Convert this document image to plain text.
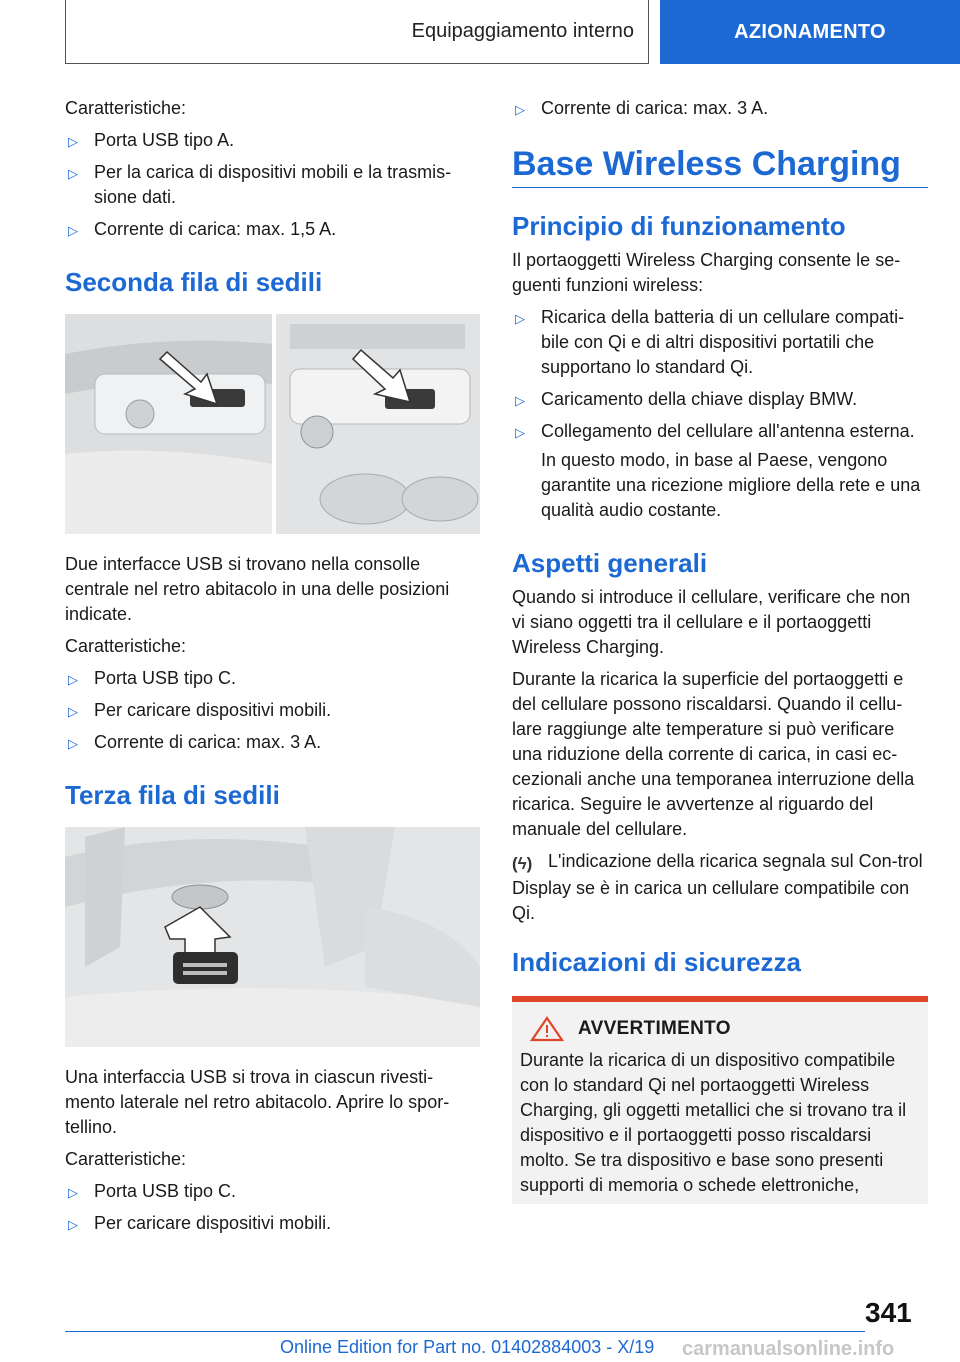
Equipaggiamento interno	AZIONAMENTO

Caratteristiche:

▷ Porta USB tipo A.
▷ Per la carica di dispositivi mobili e la trasmis-sione dati.
▷ Corrente di carica: max. 1,5 A.
Seconda fila di sedili

Due interfacce USB si trovano nella consolle centrale nel retro abitacolo in una delle posizioni indicate.

Caratteristiche:

▷ Porta USB tipo C.
▷ Per caricare dispositivi mobili.
▷ Corrente di carica: max. 3 A.
Terza fila di sedili

Una interfaccia USB si trova in ciascun rivesti-mento laterale nel retro abitacolo. Aprire lo spor-tellino.

Caratteristiche:

▷ Porta USB tipo C.
▷ Per caricare dispositivi mobili.
▷ Corrente di carica: max. 3 A.
Base Wireless Charging
Principio di funzionamento

Il portaoggetti Wireless Charging consente le se-guenti funzioni wireless:

▷ Ricarica della batteria di un cellulare compati-bile con Qi e di altri dispositivi portatili che supportano lo standard Qi.
▷ Caricamento della chiave display BMW.
▷ Collegamento del cellulare all'antenna esterna.

In questo modo, in base al Paese, vengono garantite una ricezione migliore della rete e una qualità audio costante.

Aspetti generali

Quando si introduce il cellulare, verificare che non vi siano oggetti tra il cellulare e il portaoggetti Wireless Charging.

Durante la ricarica la superficie del portaoggetti e del cellulare possono riscaldarsi. Quando il cellu-lare raggiunge alte temperature si può verificare una riduzione della corrente di carica, in casi ec-cezionali anche una temporanea interruzione della ricarica. Seguire le avvertenze al riguardo del manuale del cellulare.

(ϟ) L'indicazione della ricarica segnala sul Con-trol Display se è in carica un cellulare compatibile con Qi.

Indicazioni di sicurezza
AVVERTIMENTO

Durante la ricarica di un dispositivo compatibile con lo standard Qi nel portaoggetti Wireless Charging, gli oggetti metallici che si trovano tra il dispositivo e il portaoggetti posso riscaldarsi molto. Se tra dispositivo e base sono presenti supporti di memoria o schede elettroniche,

341
Online Edition for Part no. 01402884003 - X/19 carmanualsonline.info
